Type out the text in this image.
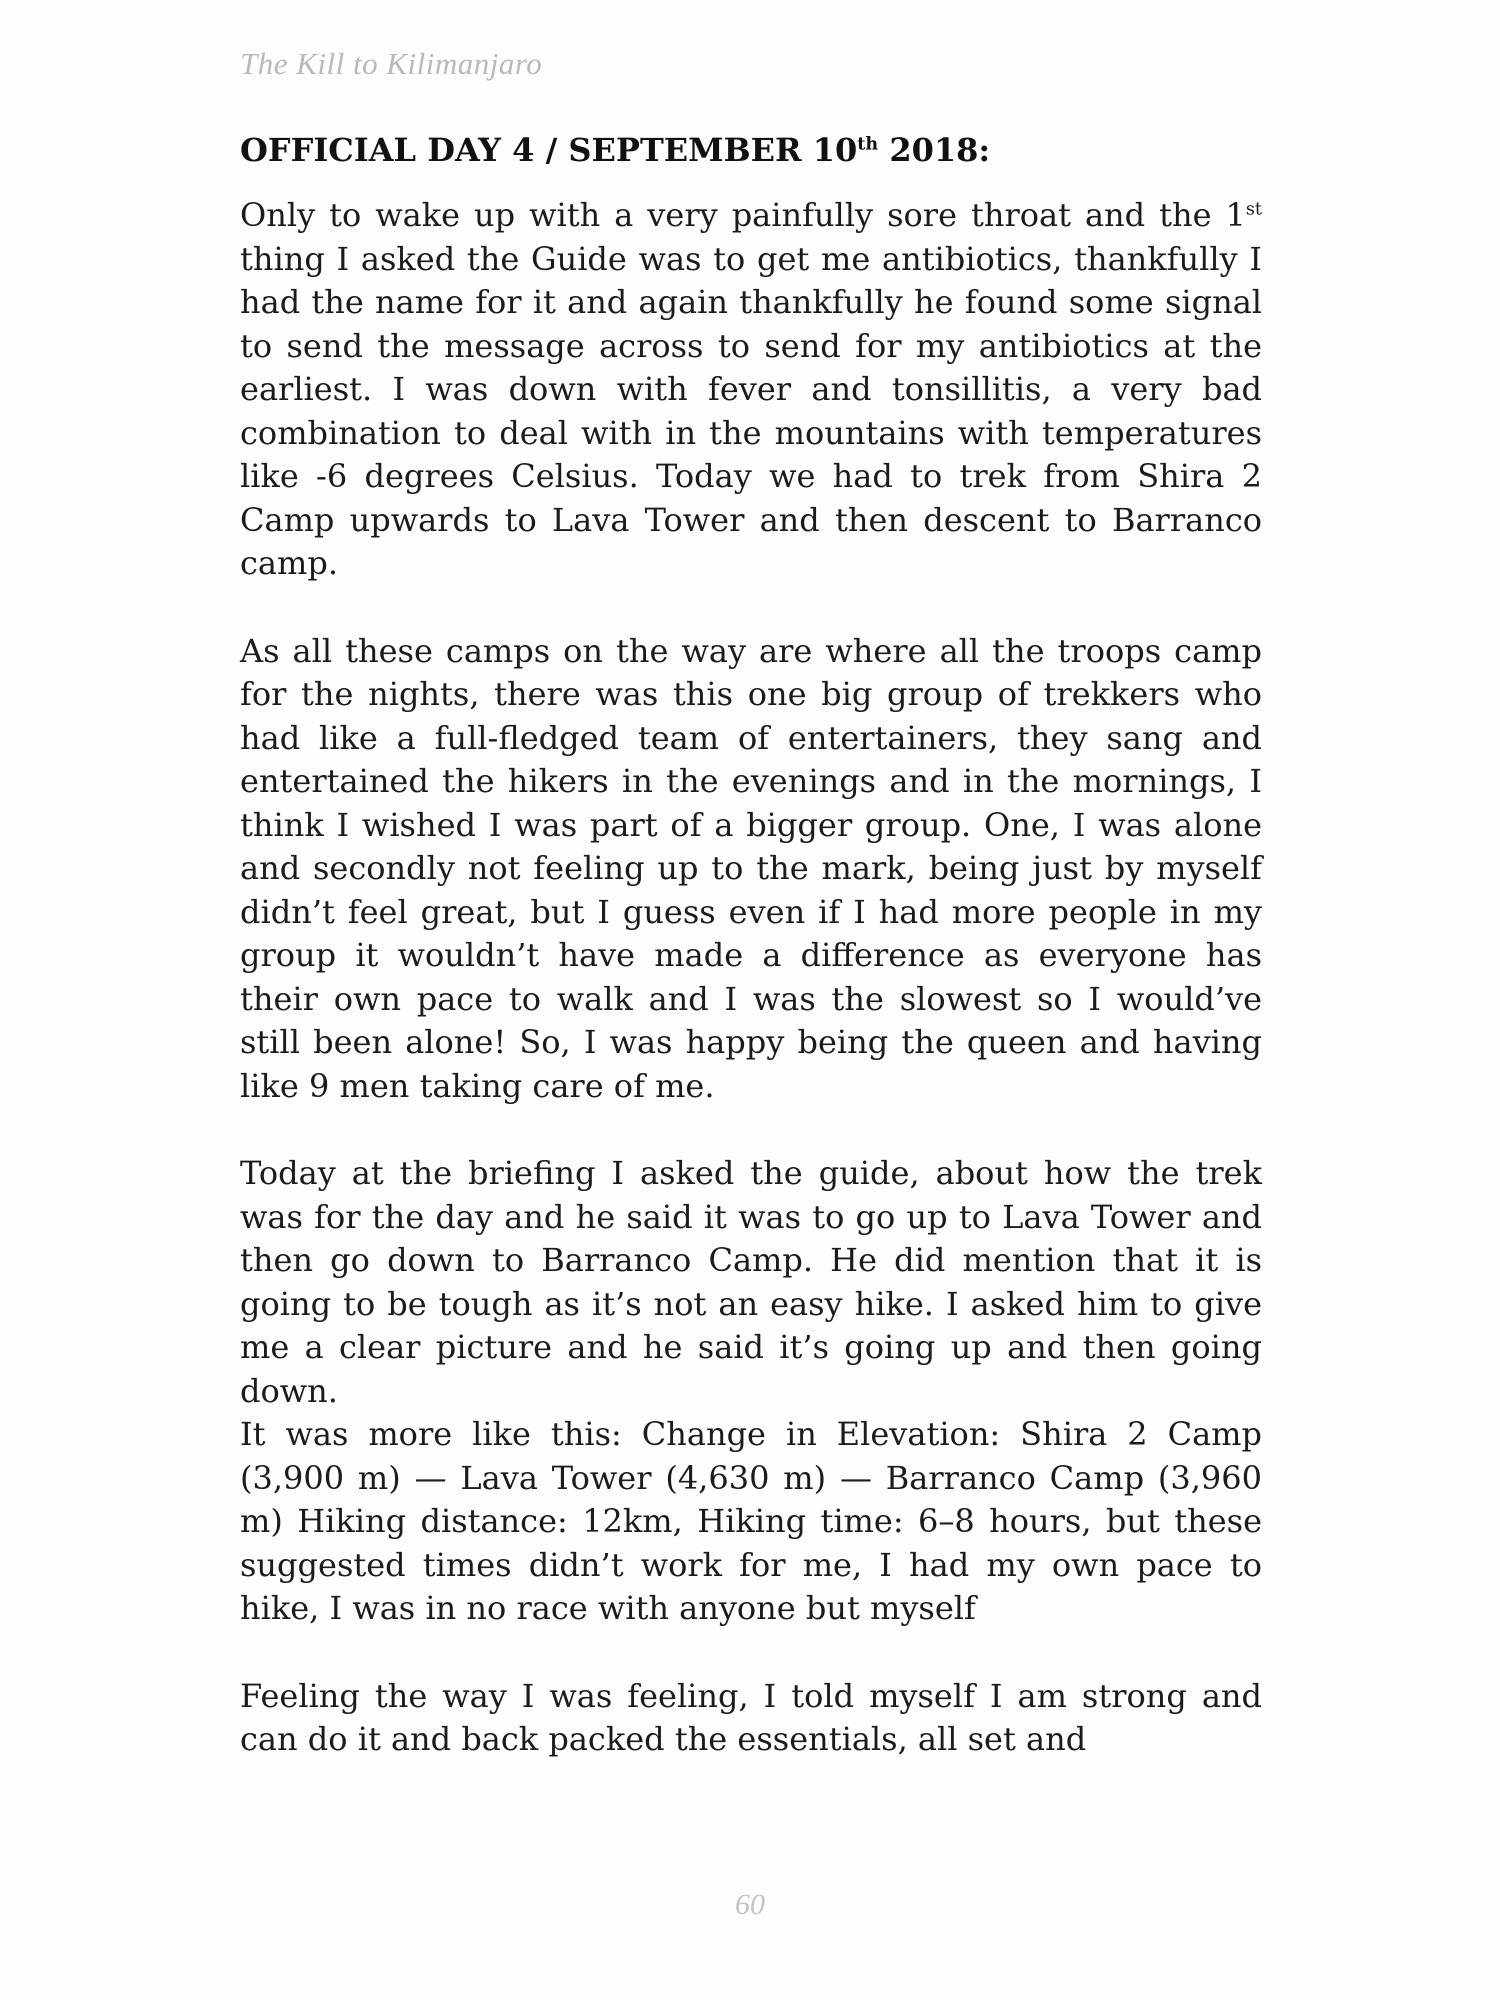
The Kill to Kilimanjaro
OFFICIAL DAY 4 / SEPTEMBER 10th 2018:

Only to wake up with a very painfully sore throat and the 1st thing I asked the Guide was to get me antibiotics, thankfully I had the name for it and again thankfully he found some signal to send the message across to send for my antibiotics at the earliest. I was down with fever and tonsillitis, a very bad combination to deal with in the mountains with temperatures like -6 degrees Celsius. Today we had to trek from Shira 2 Camp upwards to Lava Tower and then descent to Barranco camp.

As all these camps on the way are where all the troops camp for the nights, there was this one big group of trekkers who had like a full-fledged team of entertainers, they sang and entertained the hikers in the evenings and in the mornings, I think I wished I was part of a bigger group. One, I was alone and secondly not feeling up to the mark, being just by myself didn’t feel great, but I guess even if I had more people in my group it wouldn’t have made a difference as everyone has their own pace to walk and I was the slowest so I would’ve still been alone! So, I was happy being the queen and having like 9 men taking care of me.

Today at the briefing I asked the guide, about how the trek was for the day and he said it was to go up to Lava Tower and then go down to Barranco Camp. He did mention that it is going to be tough as it’s not an easy hike. I asked him to give me a clear picture and he said it’s going up and then going down.

It was more like this: Change in Elevation: Shira 2 Camp (3,900 m) — Lava Tower (4,630 m) — Barranco Camp (3,960 m) Hiking distance: 12km, Hiking time: 6–8 hours, but these suggested times didn’t work for me, I had my own pace to hike, I was in no race with anyone but myself

Feeling the way I was feeling, I told myself I am strong and can do it and back packed the essentials, all set and

60
